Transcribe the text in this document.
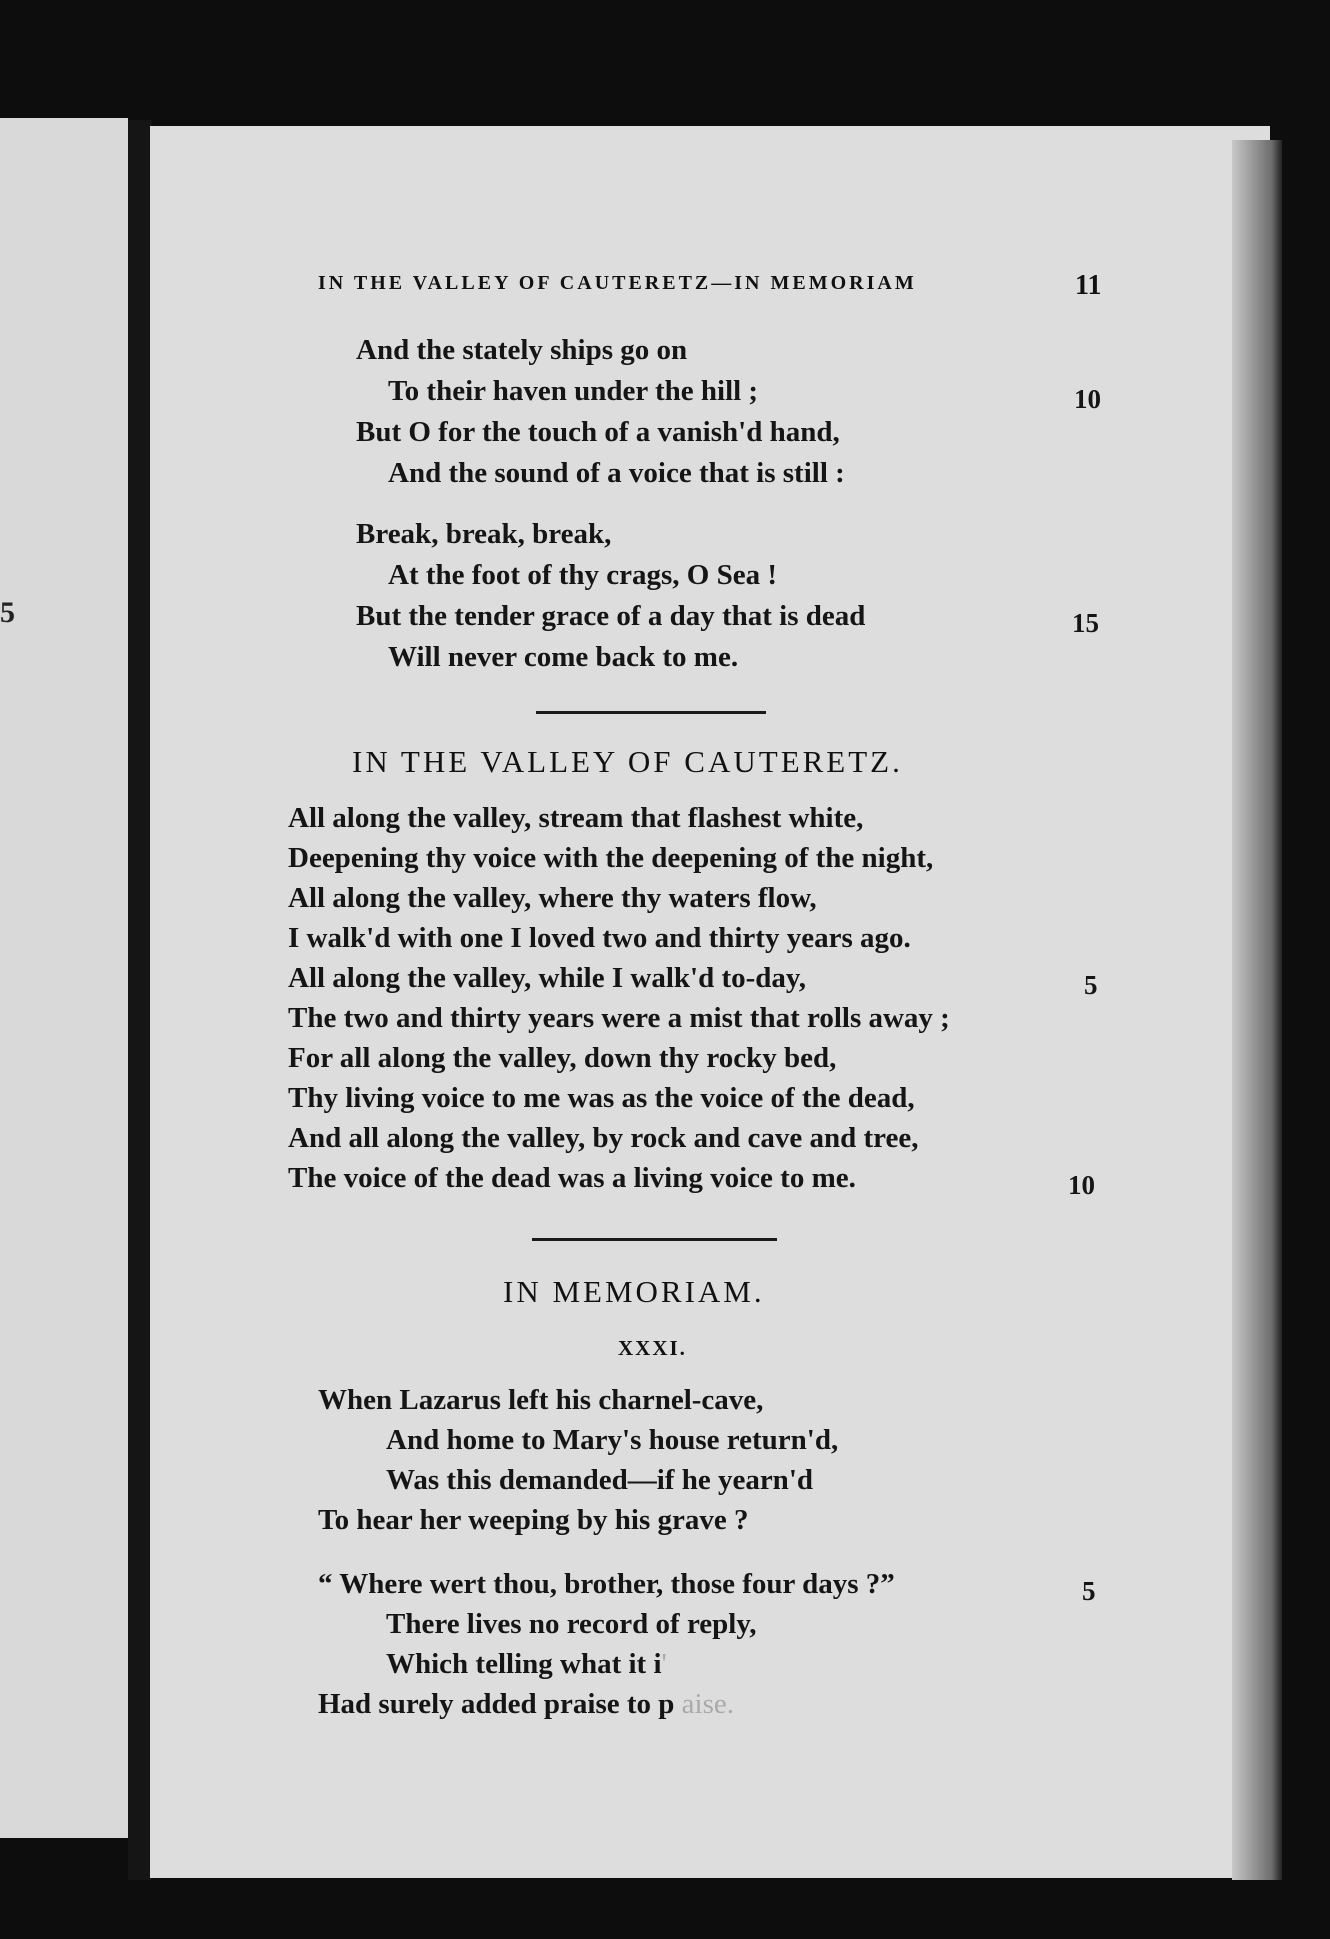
5
IN THE VALLEY OF CAUTERETZ—IN MEMORIAM	11
And the stately ships go on
To their haven under the hill ;
But O for the touch of a vanish'd hand,
And the sound of a voice that is still :
Break, break, break,
At the foot of thy crags, O Sea !
But the tender grace of a day that is dead
Will never come back to me.
10
15
IN THE VALLEY OF CAUTERETZ.
All along the valley, stream that flashest white,
Deepening thy voice with the deepening of the night,
All along the valley, where thy waters flow,
I walk'd with one I loved two and thirty years ago.
All along the valley, while I walk'd to-day,
The two and thirty years were a mist that rolls away ;
For all along the valley, down thy rocky bed,
Thy living voice to me was as the voice of the dead,
And all along the valley, by rock and cave and tree,
The voice of the dead was a living voice to me.
5
10
IN MEMORIAM.
XXXI.
When Lazarus left his charnel-cave,
And home to Mary's house return'd,
Was this demanded—if he yearn'd
To hear her weeping by his grave ?
“ Where wert thou, brother, those four days ?”
There lives no record of reply,
Which telling what it i'
Had surely added praise to p aise.
5
